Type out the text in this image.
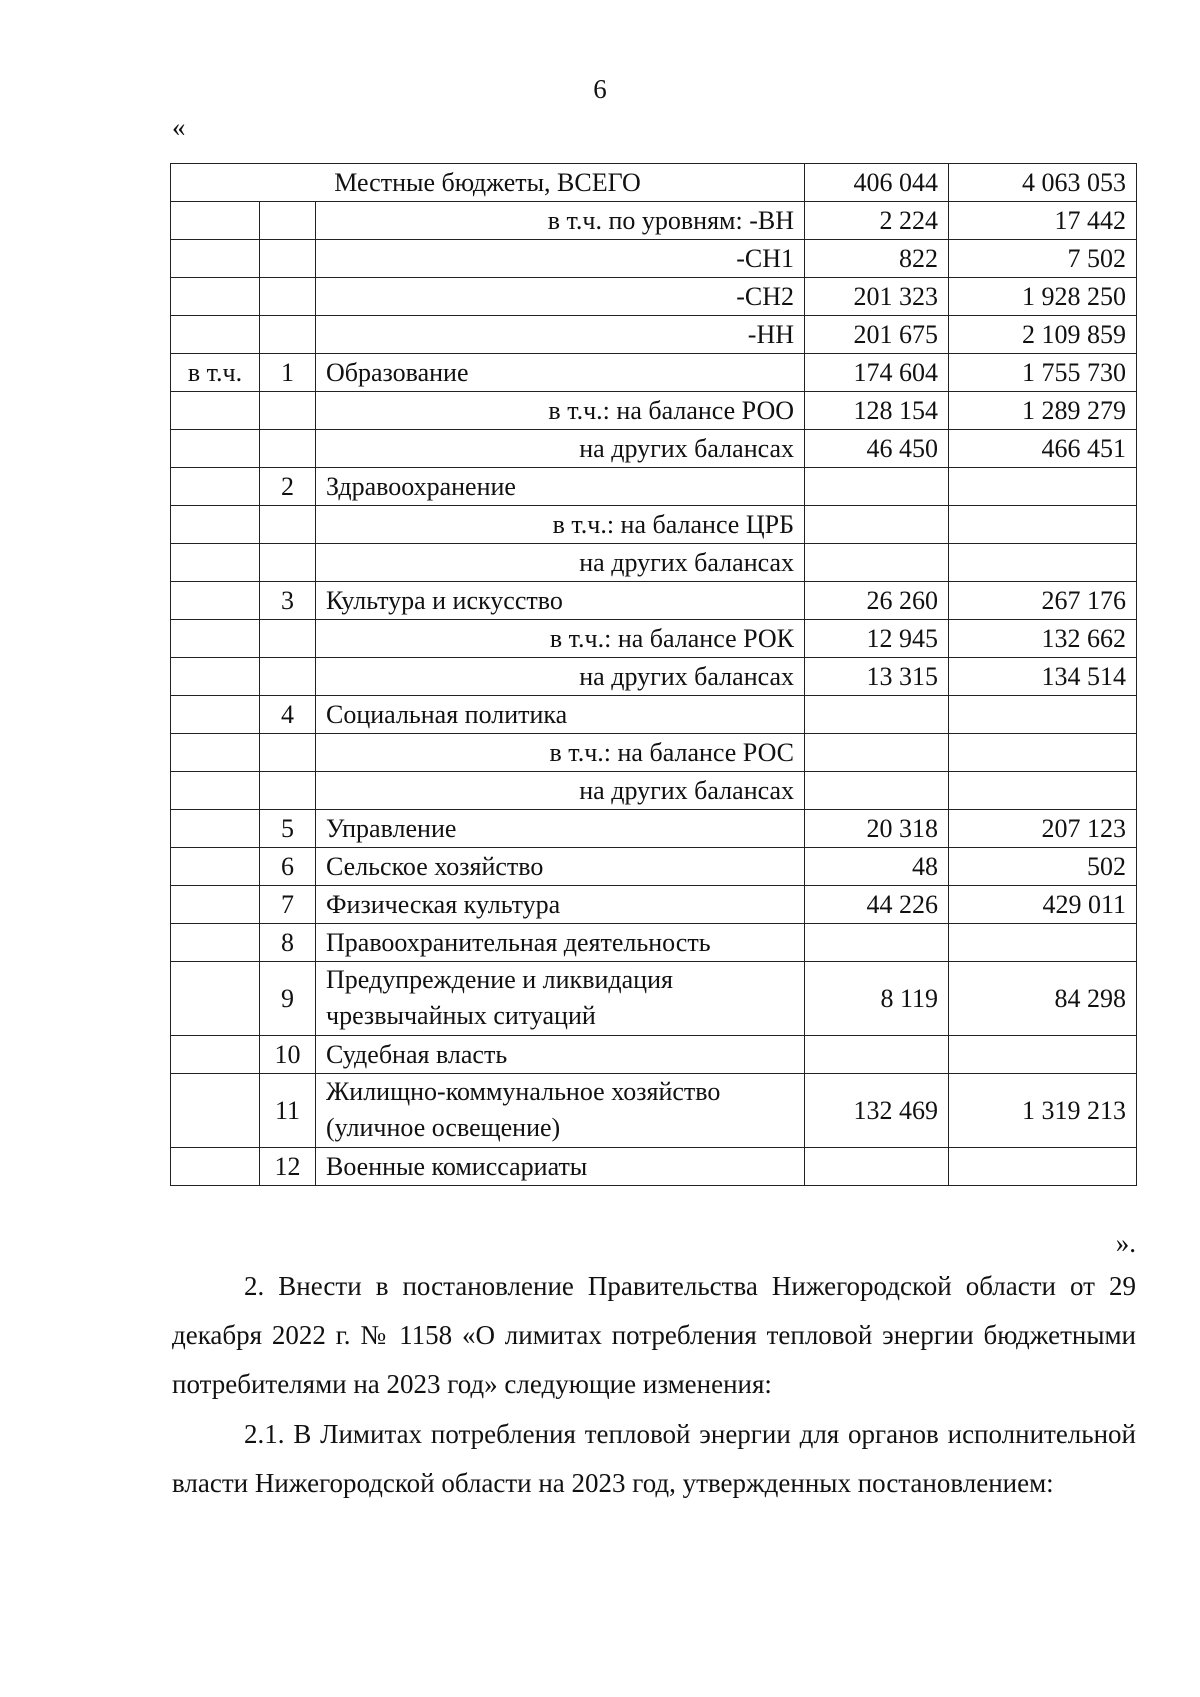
6
«
Местные бюджеты, ВСЕГО			406 044	4 063 053
		в т.ч. по уровням: -ВН	2 224	17 442
		-СН1	822	7 502
		-СН2	201 323	1 928 250
		-НН	201 675	2 109 859
в т.ч.	1	Образование	174 604	1 755 730
		в т.ч.: на балансе РОО	128 154	1 289 279
		на других балансах	46 450	466 451
	2	Здравоохранение		
		в т.ч.: на балансе ЦРБ		
		на других балансах		
	3	Культура и искусство	26 260	267 176
		в т.ч.: на балансе РОК	12 945	132 662
		на других балансах	13 315	134 514
	4	Социальная политика		
		в т.ч.: на балансе РОС		
		на других балансах		
	5	Управление	20 318	207 123
	6	Сельское хозяйство	48	502
	7	Физическая культура	44 226	429 011
	8	Правоохранительная деятельность		
	9	Предупреждение и ликвидация чрезвычайных ситуаций	8 119	84 298
	10	Судебная власть		
	11	Жилищно-коммунальное хозяйство (уличное освещение)	132 469	1 319 213
	12	Военные комиссариаты		
».
2. Внести в постановление Правительства Нижегородской области от 29 декабря 2022 г. № 1158 «О лимитах потребления тепловой энергии бюджетными потребителями на 2023 год» следующие изменения:
2.1. В Лимитах потребления тепловой энергии для органов исполнительной власти Нижегородской области на 2023 год, утвержденных постановлением:
